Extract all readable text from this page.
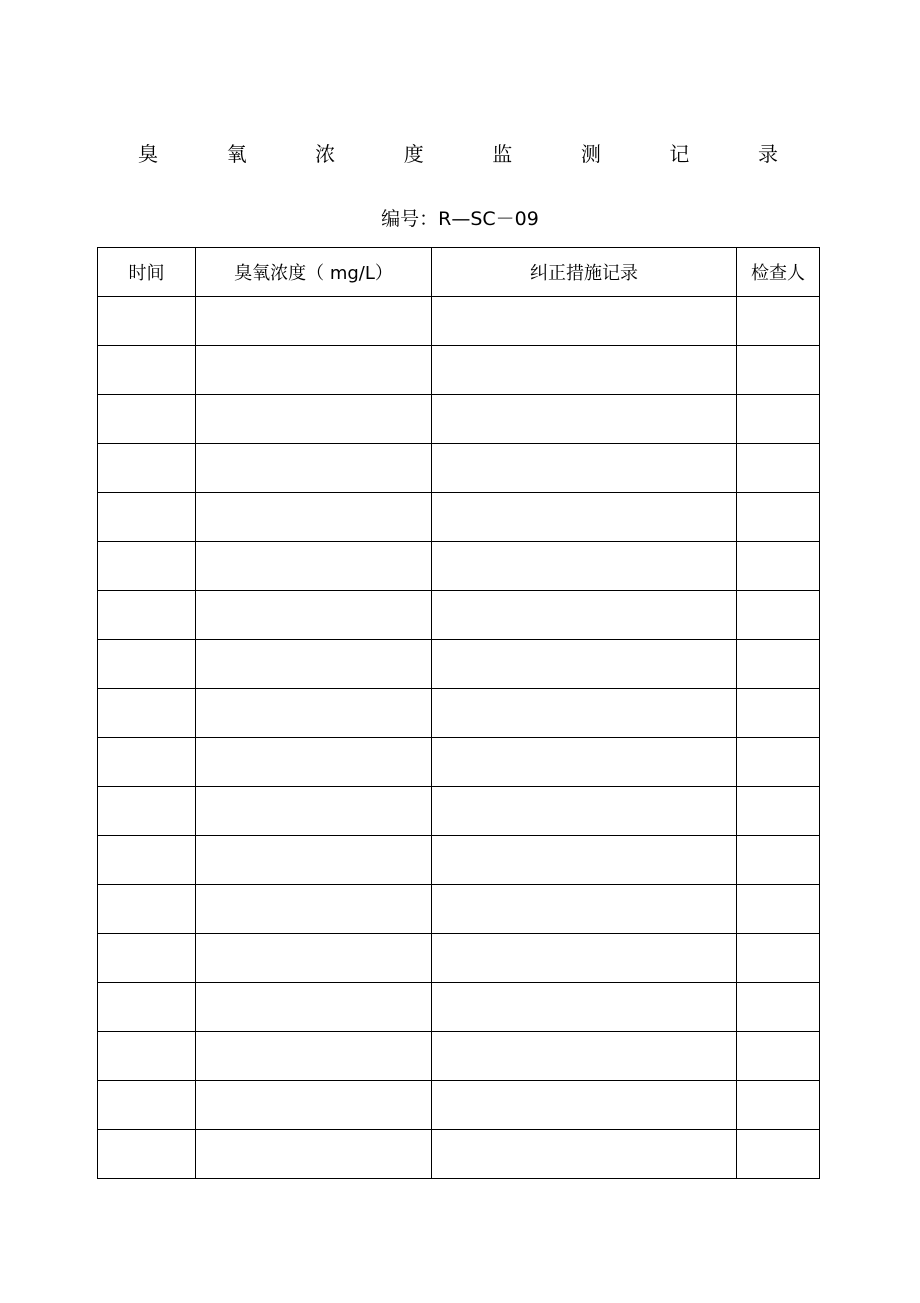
臭	氧	浓	度	监	测	记	录
编号：R—SC－09
时间	臭氧浓度（ mg/L）	纠正措施记录	检查人
